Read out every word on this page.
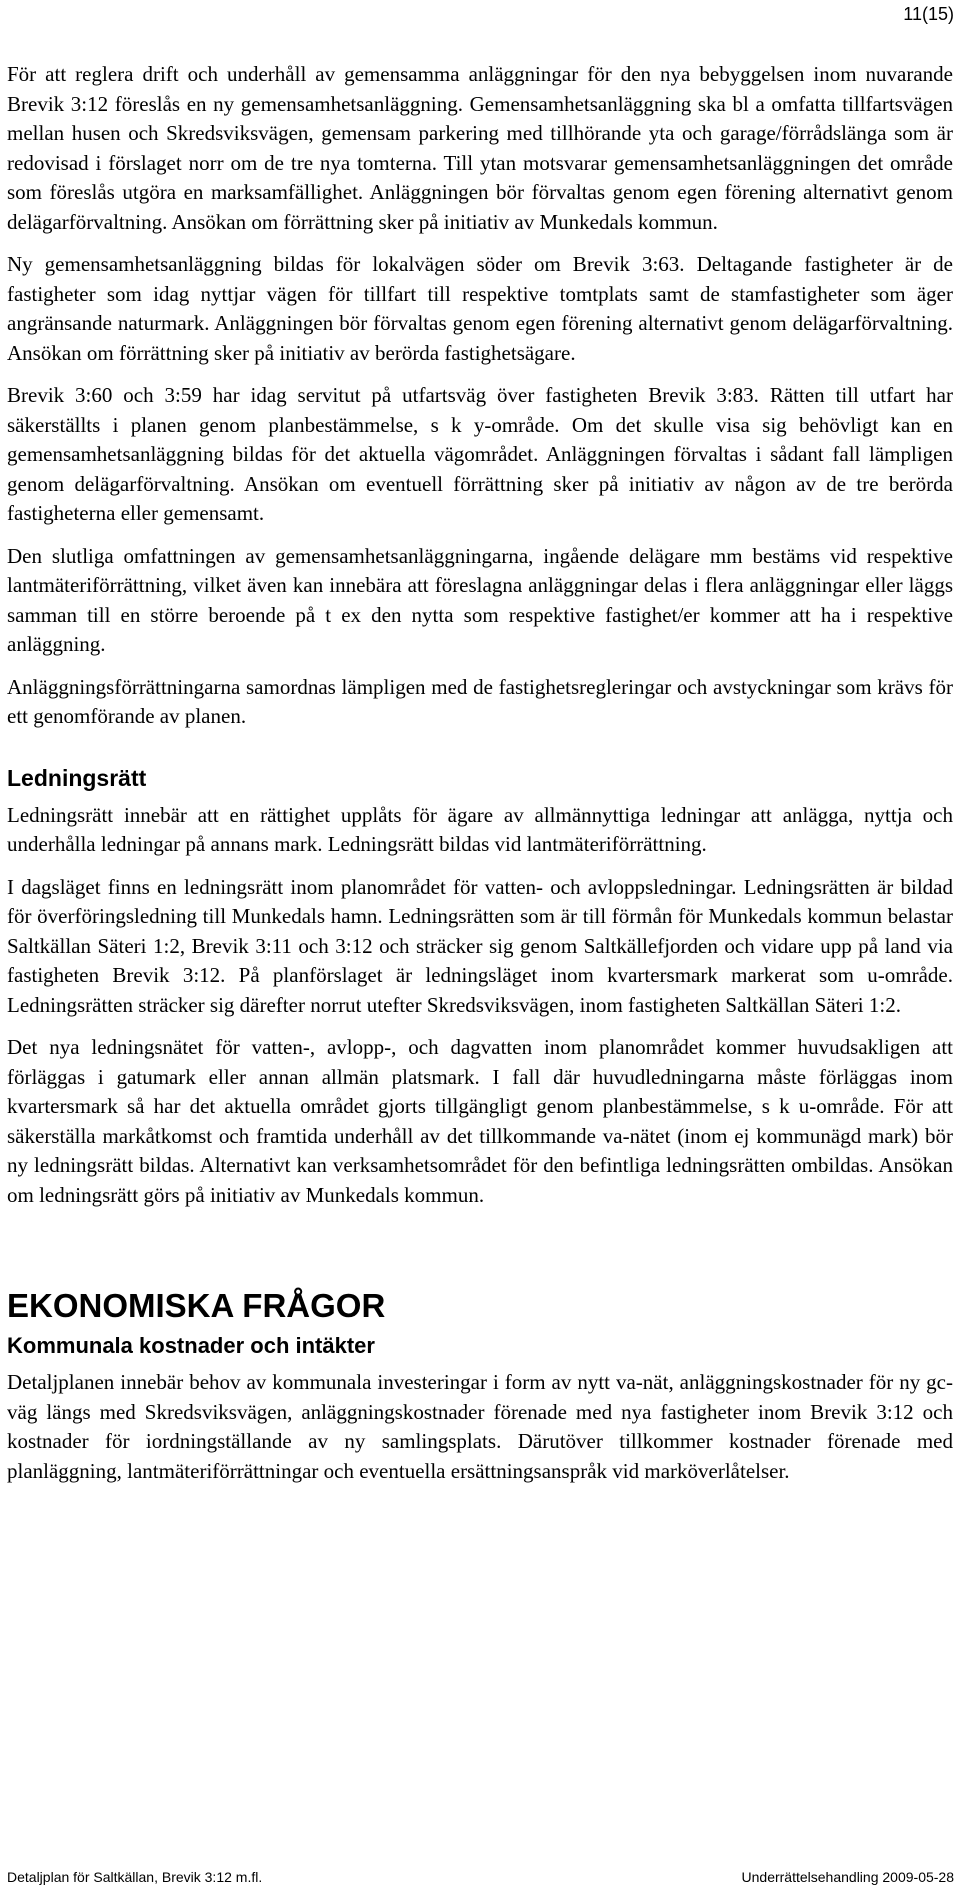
11(15)

För att reglera drift och underhåll av gemensamma anläggningar för den nya bebyggelsen inom nuvarande Brevik 3:12 föreslås en ny gemensamhetsanläggning. Gemensamhetsanläggning ska bl a omfatta tillfartsvägen mellan husen och Skredsviksvägen, gemensam parkering med tillhörande yta och garage/förrådslänga som är redovisad i förslaget norr om de tre nya tomterna. Till ytan motsvarar gemensamhetsanläggningen det område som föreslås utgöra en marksamfällighet. Anläggningen bör förvaltas genom egen förening alternativt genom delägarförvaltning. Ansökan om förrättning sker på initiativ av Munkedals kommun.

Ny gemensamhetsanläggning bildas för lokalvägen söder om Brevik 3:63. Deltagande fastigheter är de fastigheter som idag nyttjar vägen för tillfart till respektive tomtplats samt de stamfastigheter som äger angränsande naturmark. Anläggningen bör förvaltas genom egen förening alternativt genom delägarförvaltning. Ansökan om förrättning sker på initiativ av berörda fastighetsägare.

Brevik 3:60 och 3:59 har idag servitut på utfartsväg över fastigheten Brevik 3:83. Rätten till utfart har säkerställts i planen genom planbestämmelse, s k y-område. Om det skulle visa sig behövligt kan en gemensamhetsanläggning bildas för det aktuella vägområdet. Anläggningen förvaltas i sådant fall lämpligen genom delägarförvaltning. Ansökan om eventuell förrättning sker på initiativ av någon av de tre berörda fastigheterna eller gemensamt.

Den slutliga omfattningen av gemensamhetsanläggningarna, ingående delägare mm bestäms vid respektive lantmäteriförrättning, vilket även kan innebära att föreslagna anläggningar delas i flera anläggningar eller läggs samman till en större beroende på t ex den nytta som respektive fastighet/er kommer att ha i respektive anläggning.

Anläggningsförrättningarna samordnas lämpligen med de fastighetsregleringar och avstyckningar som krävs för ett genomförande av planen.

Ledningsrätt

Ledningsrätt innebär att en rättighet upplåts för ägare av allmännyttiga ledningar att anlägga, nyttja och underhålla ledningar på annans mark. Ledningsrätt bildas vid lantmäteriförrättning.

I dagsläget finns en ledningsrätt inom planområdet för vatten- och avloppsledningar. Ledningsrätten är bildad för överföringsledning till Munkedals hamn. Ledningsrätten som är till förmån för Munkedals kommun belastar Saltkällan Säteri 1:2, Brevik 3:11 och 3:12 och sträcker sig genom Saltkällefjorden och vidare upp på land via fastigheten Brevik 3:12. På planförslaget är ledningsläget inom kvartersmark markerat som u-område. Ledningsrätten sträcker sig därefter norrut utefter Skredsviksvägen, inom fastigheten Saltkällan Säteri 1:2.

Det nya ledningsnätet för vatten-, avlopp-, och dagvatten inom planområdet kommer huvudsakligen att förläggas i gatumark eller annan allmän platsmark. I fall där huvudledningarna måste förläggas inom kvartersmark så har det aktuella området gjorts tillgängligt genom planbestämmelse, s k u-område. För att säkerställa markåtkomst och framtida underhåll av det tillkommande va-nätet (inom ej kommunägd mark) bör ny ledningsrätt bildas. Alternativt kan verksamhetsområdet för den befintliga ledningsrätten ombildas. Ansökan om ledningsrätt görs på initiativ av Munkedals kommun.

EKONOMISKA FRÅGOR
Kommunala kostnader och intäkter

Detaljplanen innebär behov av kommunala investeringar i form av nytt va-nät, anläggningskostnader för ny gc-väg längs med Skredsviksvägen, anläggningskostnader förenade med nya fastigheter inom Brevik 3:12 och kostnader för iordningställande av ny samlingsplats. Därutöver tillkommer kostnader förenade med planläggning, lantmäteriförrättningar och eventuella ersättningsanspråk vid marköverlåtelser.

Detaljplan för Saltkällan, Brevik 3:12 m.fl.	Underrättelsehandling 2009-05-28
